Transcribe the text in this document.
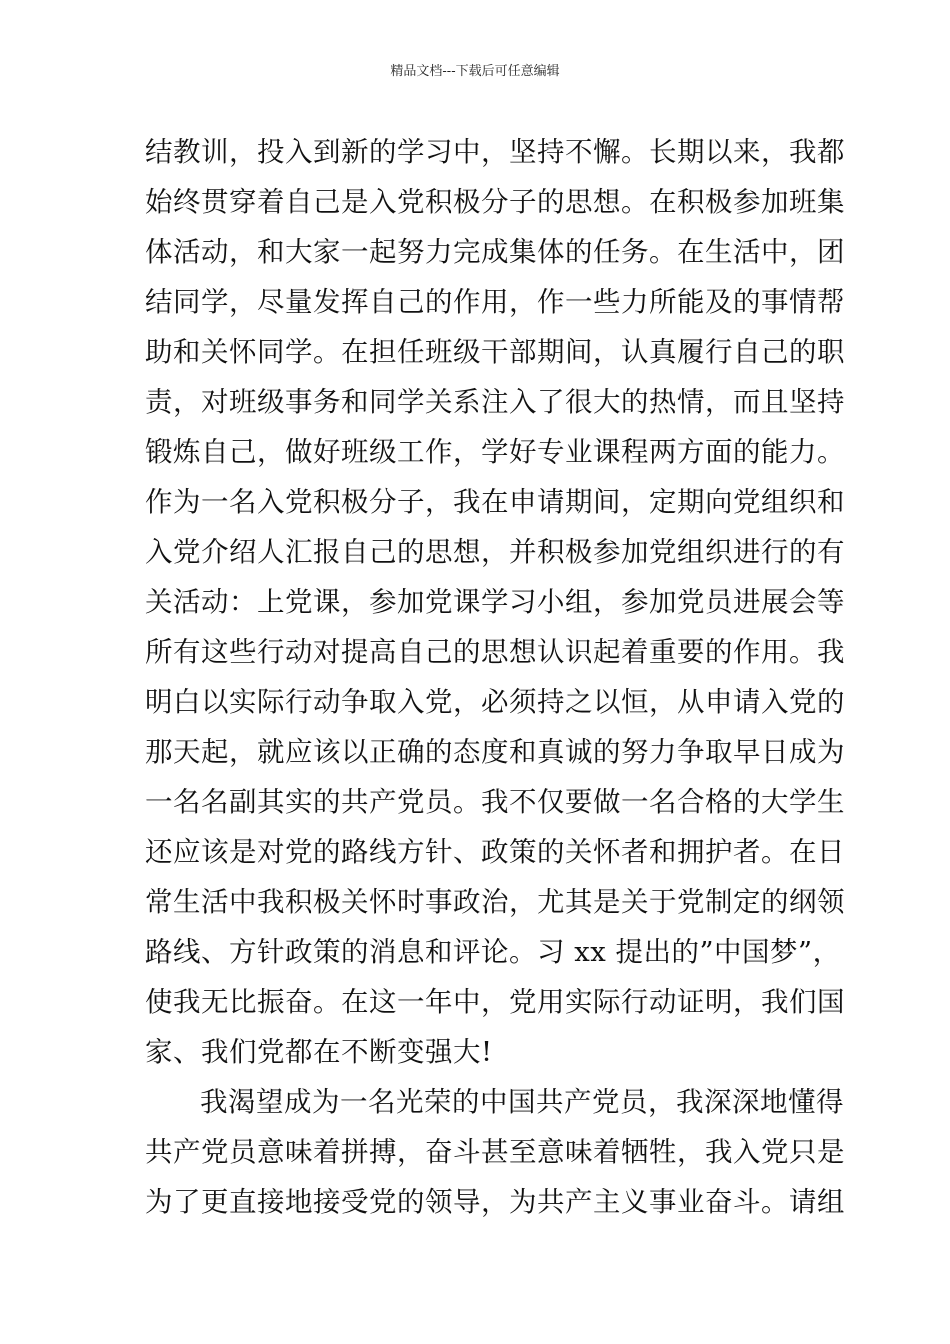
精品文档---下载后可任意编辑
结教训，投入到新的学习中，坚持不懈。长期以来，我都
始终贯穿着自己是入党积极分子的思想。在积极参加班集
体活动，和大家一起努力完成集体的任务。在生活中，团
结同学，尽量发挥自己的作用，作一些力所能及的事情帮
助和关怀同学。在担任班级干部期间，认真履行自己的职
责，对班级事务和同学关系注入了很大的热情，而且坚持
锻炼自己，做好班级工作，学好专业课程两方面的能力。
作为一名入党积极分子，我在申请期间，定期向党组织和
入党介绍人汇报自己的思想，并积极参加党组织进行的有
关活动：上党课，参加党课学习小组，参加党员进展会等
所有这些行动对提高自己的思想认识起着重要的作用。我
明白以实际行动争取入党，必须持之以恒，从申请入党的
那天起，就应该以正确的态度和真诚的努力争取早日成为
一名名副其实的共产党员。我不仅要做一名合格的大学生
还应该是对党的路线方针、政策的关怀者和拥护者。在日
常生活中我积极关怀时事政治，尤其是关于党制定的纲领
路线、方针政策的消息和评论。习 xx 提出的”中国梦”，
使我无比振奋。在这一年中，党用实际行动证明，我们国
家、我们党都在不断变强大!
我渴望成为一名光荣的中国共产党员，我深深地懂得
共产党员意味着拼搏，奋斗甚至意味着牺牲，我入党只是
为了更直接地接受党的领导，为共产主义事业奋斗。请组
